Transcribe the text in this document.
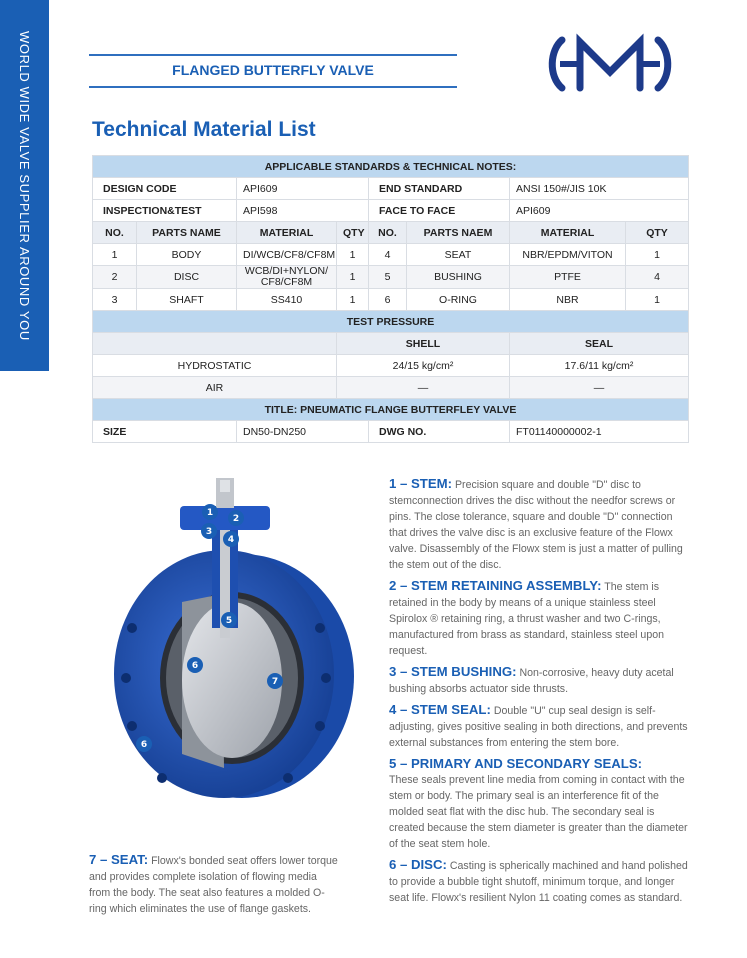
WORLD WIDE VALVE SUPPLIER AROUND YOU	FLANGED BUTTERFLY VALVE
Technical Material List
APPLICABLE STANDARDS & TECHNICAL NOTES:							
DESIGN CODE		API609		END STANDARD		ANSI 150#/JIS 10K	
INSPECTION&TEST		API598		FACE TO FACE		API609	
NO.	PARTS NAME	MATERIAL	QTY	NO.	PARTS NAEM	MATERIAL	QTY
1	BODY	DI/WCB/CF8/CF8M	1	4	SEAT	NBR/EPDM/VITON	1
2	DISC	WCB/DI+NYLON/ CF8/CF8M	1	5	BUSHING	PTFE	4
3	SHAFT	SS410	1	6	O-RING	NBR	1
TEST PRESSURE							
			SHELL			SEAL	
HYDROSTATIC			24/15 kg/cm²			17.6/11 kg/cm²	
AIR			—			—	
TITLE: PNEUMATIC FLANGE BUTTERFLEY VALVE							
SIZE		DN50-DN250		DWG NO.		FT01140000002-1	
1
2
3
4
5
6
7
6
1 – STEM: Precision square and double "D" disc to stemconnection drives the disc without the needfor screws or pins. The close tolerance, square and double "D" connection that drives the valve disc is an exclusive feature of the Flowx valve. Disassembly of the Flowx stem is just a matter of pulling the stem out of the disc.
2 – STEM RETAINING ASSEMBLY: The stem is retained in the body by means of a unique stainless steel Spirolox ® retaining ring, a thrust washer and two C-rings, manufactured from brass as standard, stainless steel upon request.
3 – STEM BUSHING: Non-corrosive, heavy duty acetal bushing absorbs actuator side thrusts.
4 – STEM SEAL: Double "U" cup seal design is self-adjusting, gives positive sealing in both directions, and prevents external substances from entering the stem bore.
5 – PRIMARY AND SECONDARY SEALS:
These seals prevent line media from coming in contact with the stem or body. The primary seal is an interference fit of the molded seat flat with the disc hub. The secondary seal is created because the stem diameter is greater than the diameter of the seat stem hole.
6 – DISC: Casting is spherically machined and hand polished to provide a bubble tight shutoff, minimum torque, and longer seat life. Flowx's resilient Nylon 11 coating comes as standard.
7 – SEAT: Flowx's bonded seat offers lower torque and provides complete isolation of flowing media from the body. The seat also features a molded O-ring which eliminates the use of flange gaskets.
